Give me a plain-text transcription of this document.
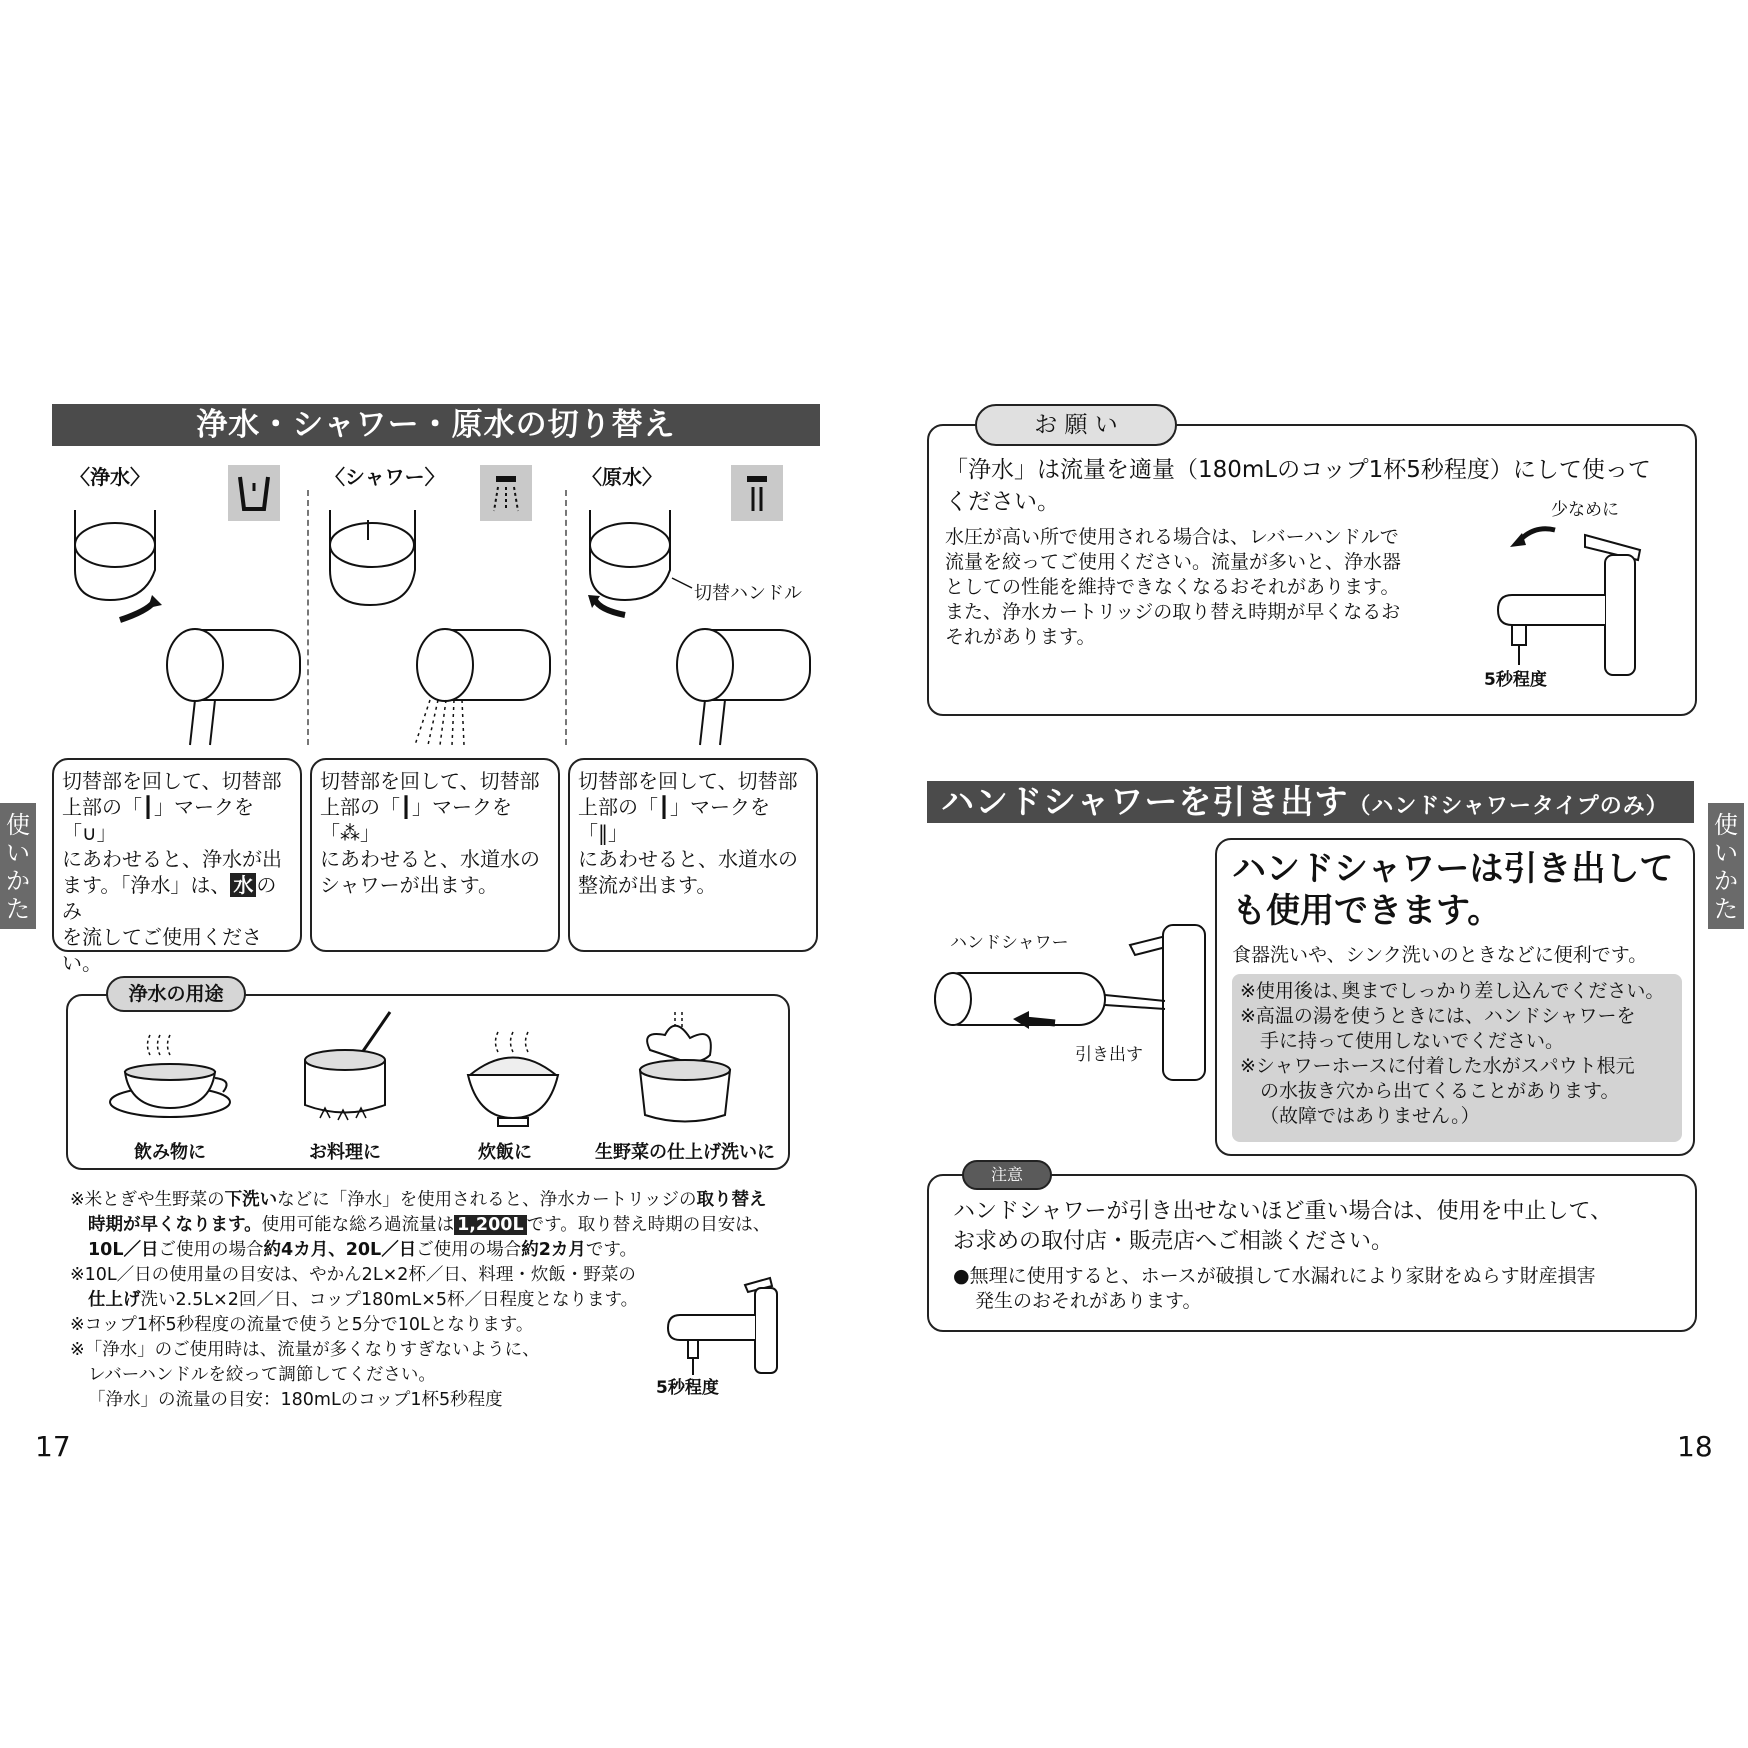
浄水・シャワー・原水の切り替え
〈浄水〉	〈シャワー〉	〈原水〉
切替ハンドル
切替部を回して、切替部
上部の「┃」マークを「∪」
にあわせると、浄水が出
ます。「浄水」は、 水 のみ
を流してご使用ください。
切替部を回して、切替部
上部の「┃」マークを「⁂」
にあわせると、水道水の
シャワーが出ます。
切替部を回して、切替部
上部の「┃」マークを「‖」
にあわせると、水道水の
整流が出ます。
浄水の用途
飲み物に	お料理に	炊飯に	生野菜の仕上げ洗いに
※米とぎや生野菜の下洗いなどに「浄水」を使用されると、浄水カートリッジの取り替え
時期が早くなります。使用可能な総ろ過流量は 1,200L です。取り替え時期の目安は、
10L／日ご使用の場合約4カ月、20L／日ご使用の場合約2カ月です。
※10L／日の使用量の目安は、やかん2L×2杯／日、料理・炊飯・野菜の
仕上げ洗い2.5L×2回／日、コップ180mL×5杯／日程度となります。
※コップ1杯5秒程度の流量で使うと5分で10Lとなります。
※「浄水」のご使用時は、流量が多くなりすぎないように、
レバーハンドルを絞って調節してください。
「浄水」の流量の目安：180mLのコップ1杯5秒程度
5秒程度
17
使いかた
お 願 い
「浄水」は流量を適量（180mLのコップ1杯5秒程度）にして使って
ください。
水圧が高い所で使用される場合は、レバーハンドルで
流量を絞ってご使用ください。流量が多いと、浄水器
としての性能を維持できなくなるおそれがあります。
また、浄水カートリッジの取り替え時期が早くなるお
それがあります。
少なめに
5秒程度
ハンドシャワーを引き出す（ハンドシャワータイプのみ）
ハンドシャワー
引き出す
ハンドシャワーは引き出して
も使用できます。
食器洗いや、シンク洗いのときなどに便利です。
※使用後は､奥までしっかり差し込んでください。
※高温の湯を使うときには、ハンドシャワーを
手に持って使用しないでください。
※シャワーホースに付着した水がスパウト根元
の水抜き穴から出てくることがあります。
（故障ではありません。）
注意
ハンドシャワーが引き出せないほど重い場合は、使用を中止して、
お求めの取付店・販売店へご相談ください。
●無理に使用すると、ホースが破損して水漏れにより家財をぬらす財産損害
発生のおそれがあります。
18
使いかた
